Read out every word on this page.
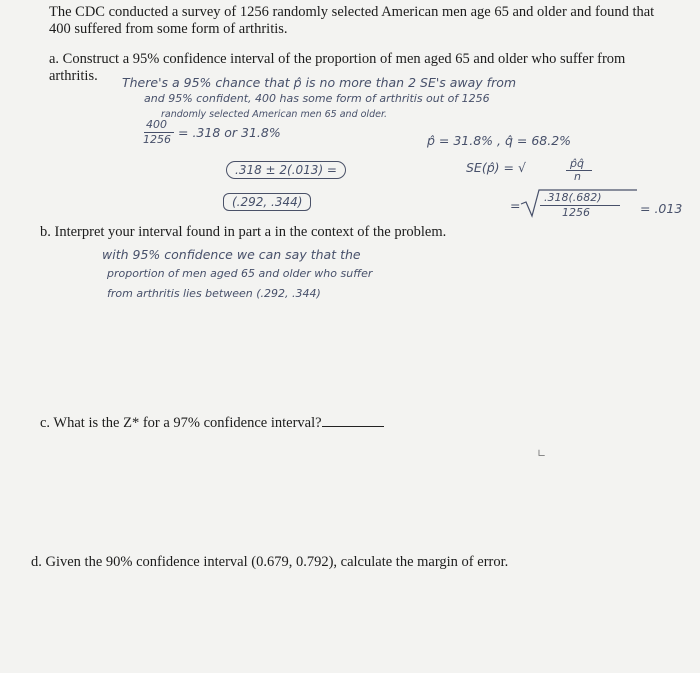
The CDC conducted a survey of 1256 randomly selected American men age 65 and older and found that
400 suffered from some form of arthritis.
a. Construct a 95% confidence interval of the proportion of men aged 65 and older who suffer from
arthritis. There's a 95% chance that p̂ is no more than 2 SE's away from
and 95% confident, 400 has some form of arthritis out of 1256
randomly selected American men 65 and older.
400
1256 = .318 or 31.8%
p̂ = 31.8% , q̂ = 68.2%
.318 ± 2(.013) =
(.292, .344)
SE(p̂) = √	p̂q̂
n
=
.318(.682)
1256	= .013
b. Interpret your interval found in part a in the context of the problem.
with 95% confidence we can say that the
proportion of men aged 65 and older who suffer
from arthritis lies between (.292, .344)
c. What is the Z* for a 97% confidence interval?
∟
d. Given the 90% confidence interval (0.679, 0.792), calculate the margin of error.
